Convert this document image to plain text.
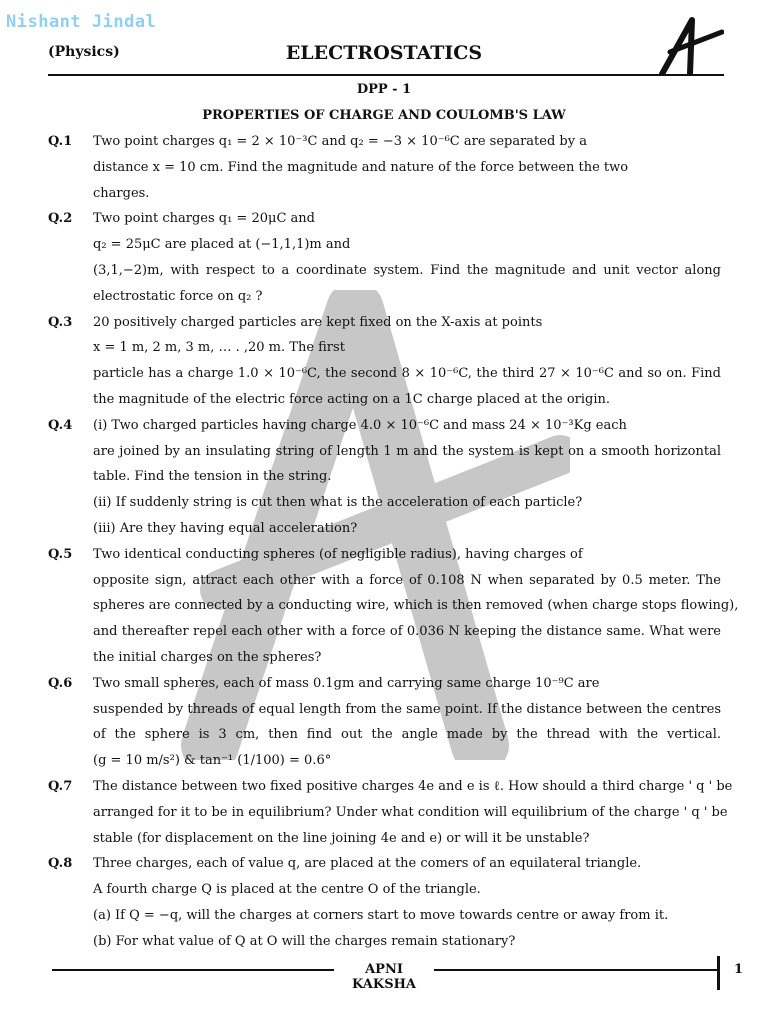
Nishant Jindal
(Physics)	ELECTROSTATICS
DPP - 1
PROPERTIES OF CHARGE AND COULOMB'S LAW
Q.1 Two point charges q₁ = 2 × 10⁻³C and q₂ = −3 × 10⁻⁶C are separated by a
distance x = 10 cm. Find the magnitude and nature of the force between the two
charges.
Q.2 Two point charges q₁ = 20μC and
q₂ = 25μC are placed at (−1,1,1)m and
(3,1,−2)m, with respect to a coordinate system. Find the magnitude and unit vector along
electrostatic force on q₂ ?
Q.3 20 positively charged particles are kept fixed on the X-axis at points
x = 1 m, 2 m, 3 m, … . ,20 m. The first
particle has a charge 1.0 × 10⁻⁶C, the second 8 × 10⁻⁶C, the third 27 × 10⁻⁶C and so on. Find
the magnitude of the electric force acting on a 1C charge placed at the origin.
Q.4 (i) Two charged particles having charge 4.0 × 10⁻⁶C and mass 24 × 10⁻³Kg each
are joined by an insulating string of length 1 m and the system is kept on a smooth horizontal
table. Find the tension in the string.
(ii) If suddenly string is cut then what is the acceleration of each particle?
(iii) Are they having equal acceleration?
Q.5 Two identical conducting spheres (of negligible radius), having charges of
opposite sign, attract each other with a force of 0.108 N when separated by 0.5 meter. The
spheres are connected by a conducting wire, which is then removed (when charge stops flowing),
and thereafter repel each other with a force of 0.036 N keeping the distance same. What were
the initial charges on the spheres?
Q.6 Two small spheres, each of mass 0.1gm and carrying same charge 10⁻⁹C are
suspended by threads of equal length from the same point. If the distance between the centres
of the sphere is 3 cm, then find out the angle made by the thread with the vertical.
(g = 10 m/s²) & tan⁻¹ (1/100) = 0.6°
Q.7 The distance between two fixed positive charges 4e and e is ℓ. How should a third charge ' q ' be
arranged for it to be in equilibrium? Under what condition will equilibrium of the charge ' q ' be
stable (for displacement on the line joining 4e and e) or will it be unstable?
Q.8 Three charges, each of value q, are placed at the comers of an equilateral triangle.
A fourth charge Q is placed at the centre O of the triangle.
(a) If Q = −q, will the charges at corners start to move towards centre or away from it.
(b) For what value of Q at O will the charges remain stationary?
APNI KAKSHA
1
